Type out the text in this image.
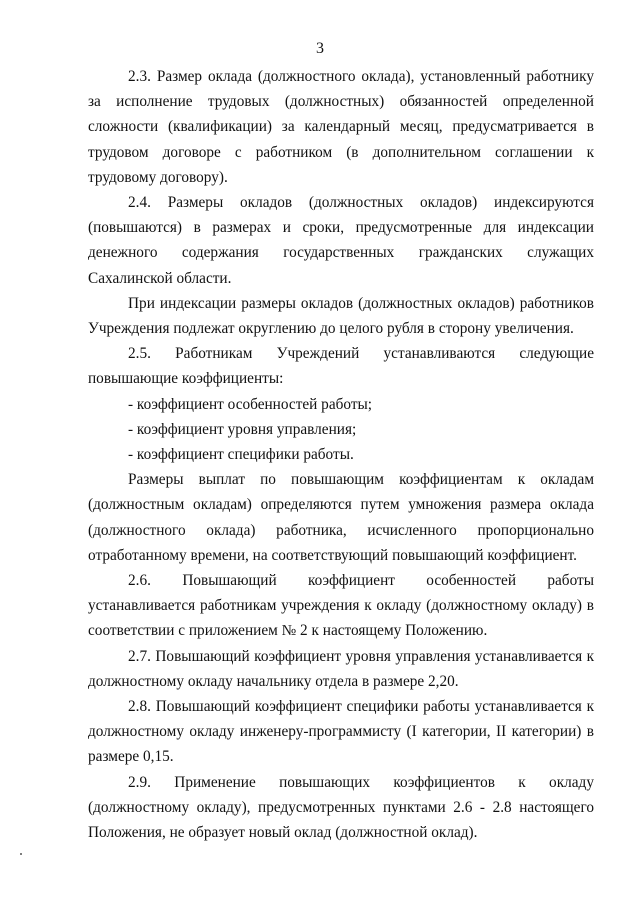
3

2.3. Размер оклада (должностного оклада), установленный работнику за исполнение трудовых (должностных) обязанностей определенной сложности (квалификации) за календарный месяц, предусматривается в трудовом договоре с работником (в дополнительном соглашении к трудовому договору).

2.4. Размеры окладов (должностных окладов) индексируются (повышаются) в размерах и сроки, предусмотренные для индексации денежного содержания государственных гражданских служащих Сахалинской области.

При индексации размеры окладов (должностных окладов) работников Учреждения подлежат округлению до целого рубля в сторону увеличения.

2.5. Работникам Учреждений устанавливаются следующие повышающие коэффициенты:

- коэффициент особенностей работы;

- коэффициент уровня управления;

- коэффициент специфики работы.

Размеры выплат по повышающим коэффициентам к окладам (должностным окладам) определяются путем умножения размера оклада (должностного оклада) работника, исчисленного пропорционально отработанному времени, на соответствующий повышающий коэффициент.

2.6. Повышающий коэффициент особенностей работы устанавливается работникам учреждения к окладу (должностному окладу) в соответствии с приложением № 2 к настоящему Положению.

2.7. Повышающий коэффициент уровня управления устанавливается к должностному окладу начальнику отдела в размере 2,20.

2.8. Повышающий коэффициент специфики работы устанавливается к должностному окладу инженеру-программисту (I категории, II категории) в размере 0,15.

2.9. Применение повышающих коэффициентов к окладу (должностному окладу), предусмотренных пунктами 2.6 - 2.8 настоящего Положения, не образует новый оклад (должностной оклад).
